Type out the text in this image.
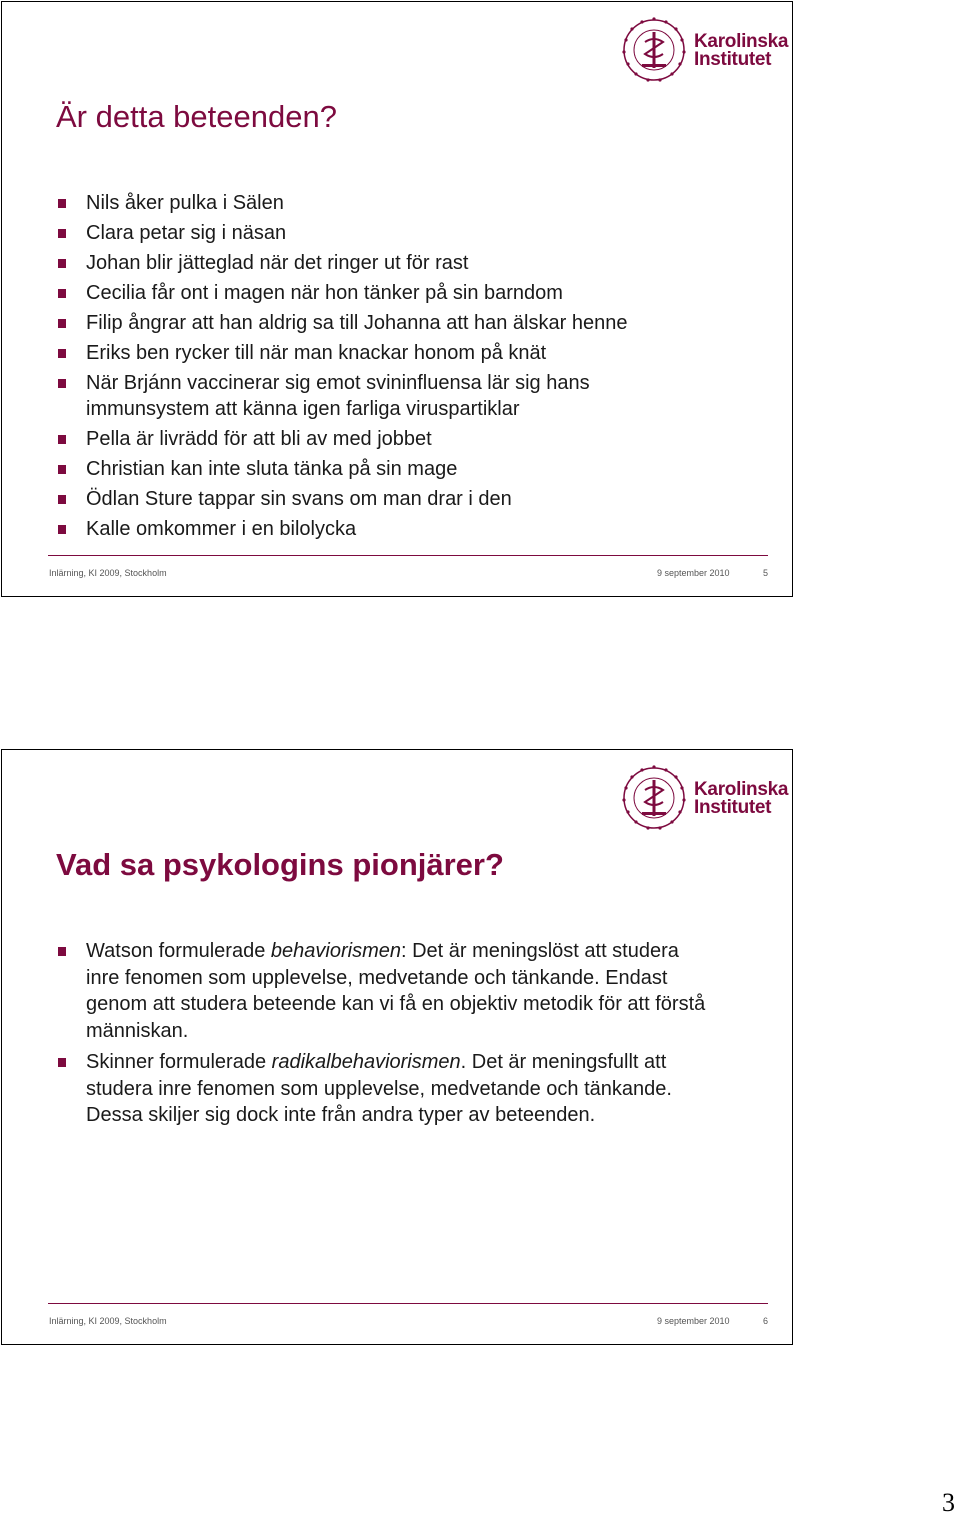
Karolinska
Institutet
Är detta beteenden?
Nils åker pulka i Sälen
Clara petar sig i näsan
Johan blir jätteglad när det ringer ut för rast
Cecilia får ont i magen när hon tänker på sin barndom
Filip ångrar att han aldrig sa till Johanna att han älskar henne
Eriks ben rycker till när man knackar honom på knät
När Brjánn vaccinerar sig emot svininfluensa lär sig hans immunsystem att känna igen farliga viruspartiklar
Pella är livrädd för att bli av med jobbet
Christian kan inte sluta tänka på sin mage
Ödlan Sture tappar sin svans om man drar i den
Kalle omkommer i en bilolycka
Inlärning, KI 2009, Stockholm	9 september 2010	5
Karolinska
Institutet
Vad sa psykologins pionjärer?
Watson formulerade behaviorismen: Det är meningslöst att studera inre fenomen som upplevelse, medvetande och tänkande. Endast genom att studera beteende kan vi få en objektiv metodik för att förstå människan.
Skinner formulerade radikalbehaviorismen. Det är meningsfullt att studera inre fenomen som upplevelse, medvetande och tänkande. Dessa skiljer sig dock inte från andra typer av beteenden.
Inlärning, KI 2009, Stockholm	9 september 2010	6
3
